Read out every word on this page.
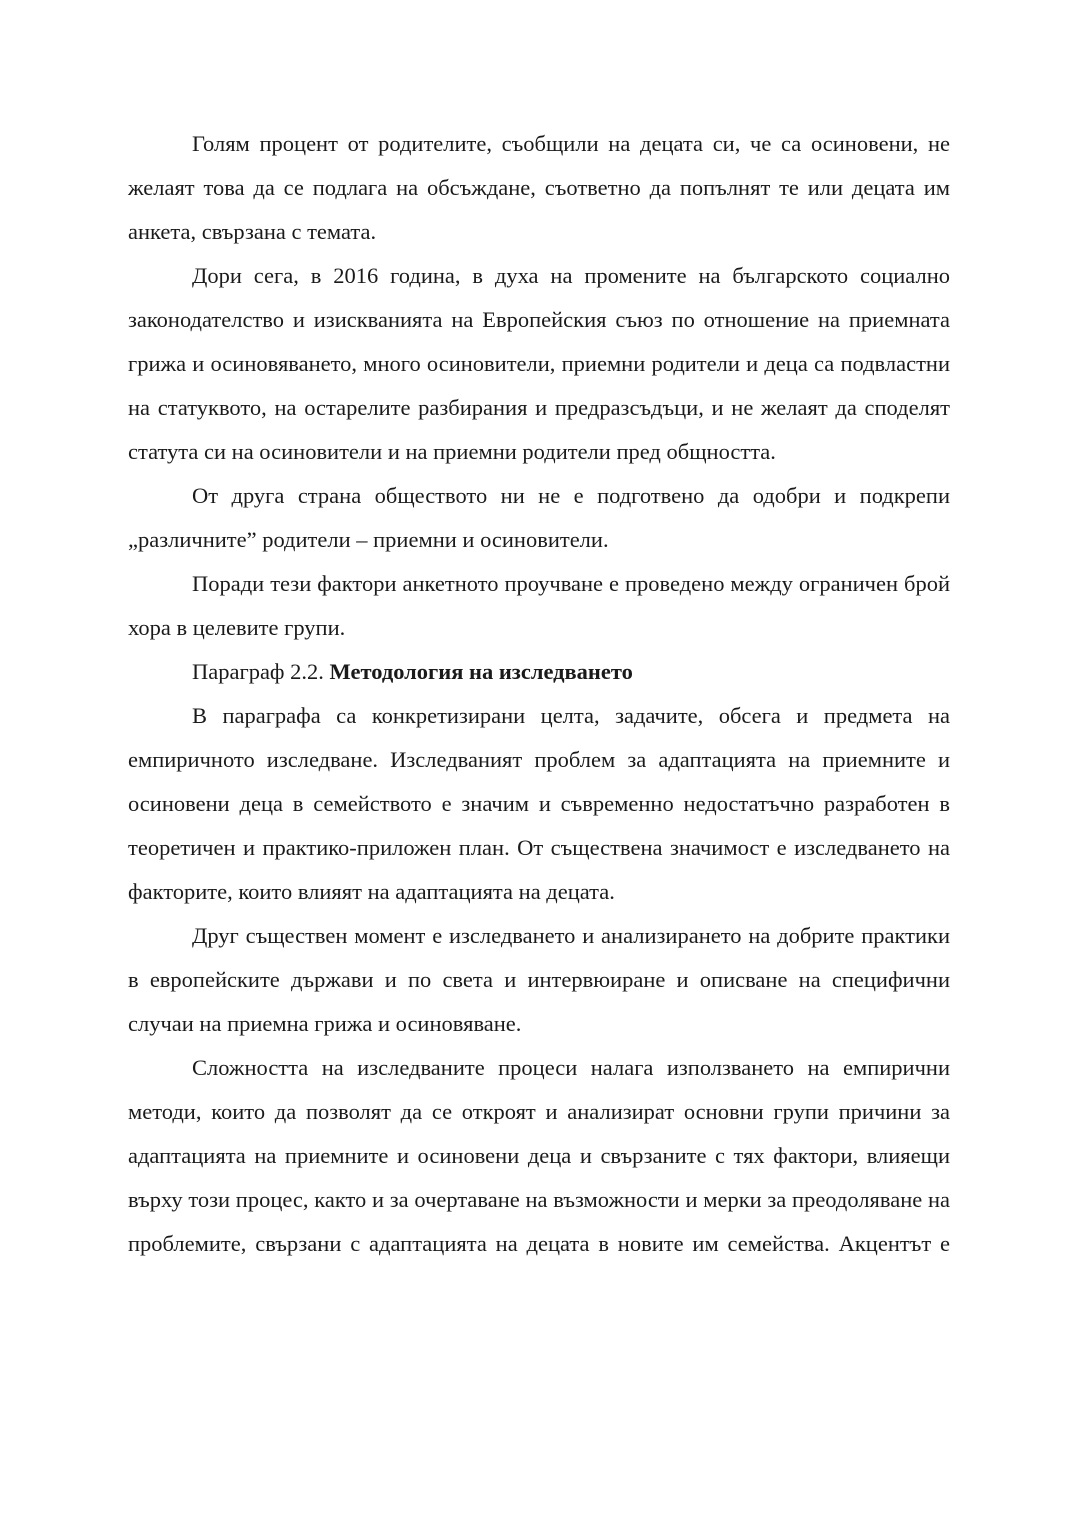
Голям процент от родителите, съобщили на децата си, че са осиновени, не желаят това да се подлага на обсъждане, съответно да попълнят те или децата им анкета, свързана с темата.

Дори сега, в 2016 година, в духа на промените на българското социално законодателство и изискванията на Европейския съюз по отношение на приемната грижа и осиновяването, много осиновители, приемни родители и деца са подвластни на статуквото, на остарелите разбирания и предразсъдъци, и не желаят да споделят статута си на осиновители и на приемни родители пред общността.

От друга страна обществото ни не е подготвено да одобри и подкрепи „различните” родители – приемни и осиновители.

Поради тези фактори анкетното проучване е проведено между ограничен брой хора в целевите групи.

Параграф 2.2. Методология на изследването

В параграфа са конкретизирани целта, задачите, обсега и предмета на емпиричното изследване. Изследваният проблем за адаптацията на приемните и осиновени деца в семейството е значим и съвременно недостатъчно разработен в теоретичен и практико-приложен план. От съществена значимост е изследването на факторите, които влияят на адаптацията на децата.

Друг съществен момент е изследването и анализирането на добрите практики в европейските държави и по света и интервюиране и описване на специфични случаи на приемна грижа и осиновяване.

Сложността на изследваните процеси налага използването на емпирични методи, които да позволят да се откроят и анализират основни групи причини за адаптацията на приемните и осиновени деца и свързаните с тях фактори, влияещи върху този процес, както и за очертаване на възможности и мерки за преодоляване на проблемите, свързани с адаптацията на децата в новите им семейства. Акцентът е
